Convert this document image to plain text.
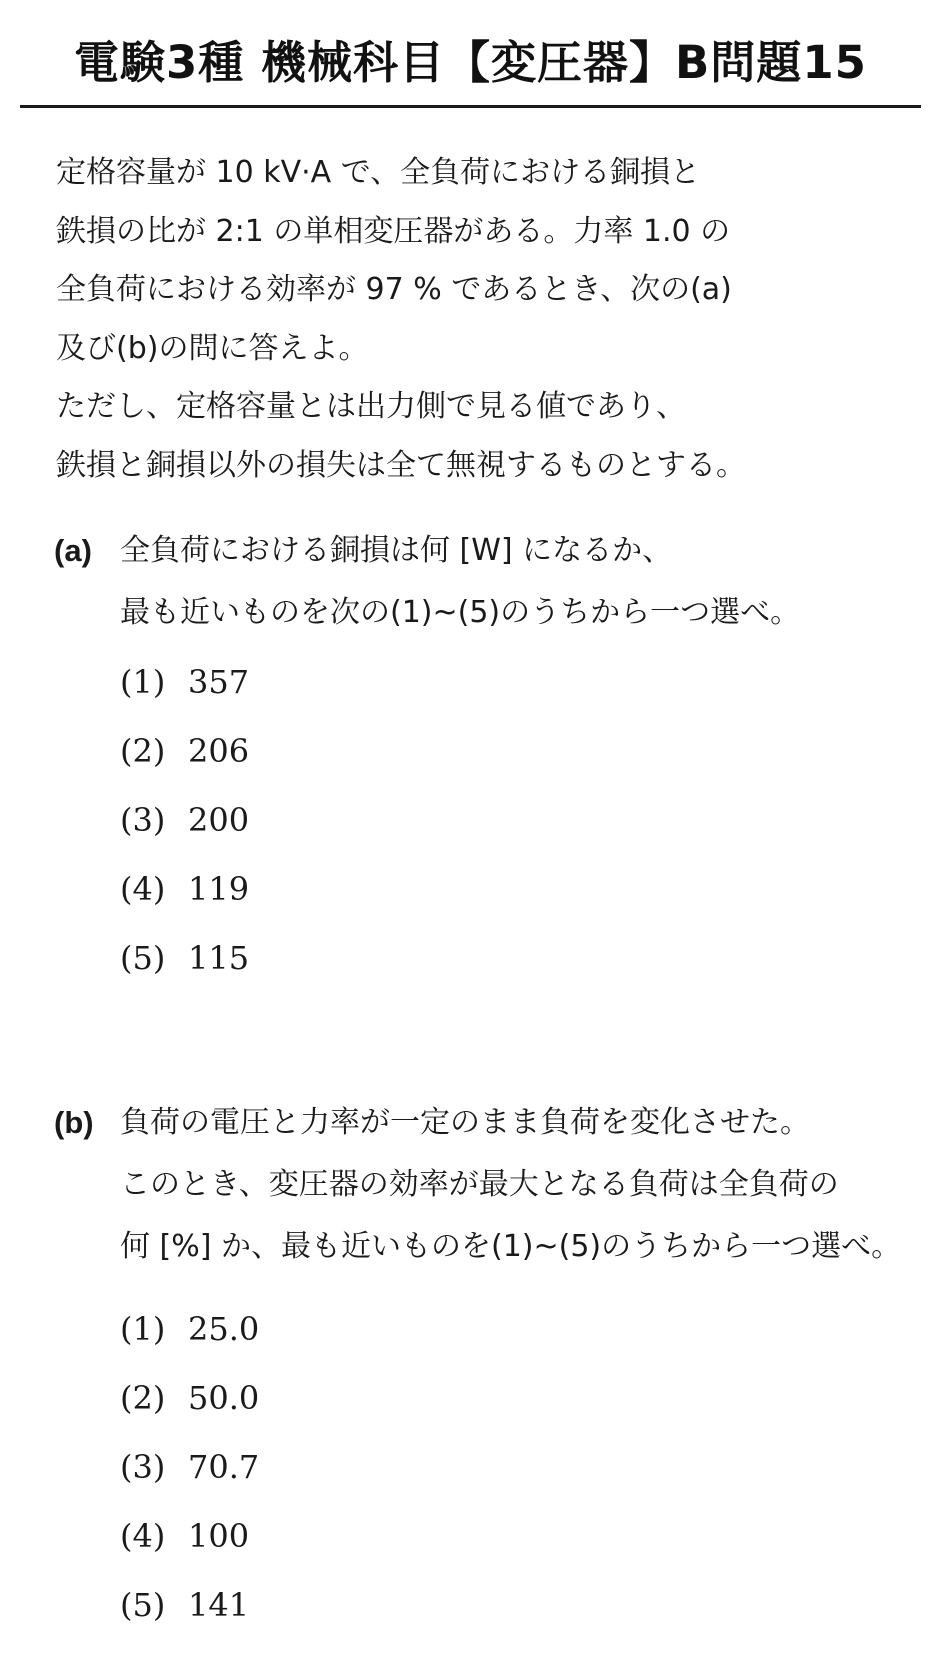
電験3種 機械科目【変圧器】B問題15
定格容量が 10 kV·A で、全負荷における銅損と
鉄損の比が 2:1 の単相変圧器がある。力率 1.0 の
全負荷における効率が 97 % であるとき、次の(a)
及び(b)の問に答えよ。
ただし、定格容量とは出力側で見る値であり、
鉄損と銅損以外の損失は全て無視するものとする。
(a) 全負荷における銅損は何 [W] になるか、
最も近いものを次の(1)~(5)のうちから一つ選べ。
(1) 357
(2) 206
(3) 200
(4) 119
(5) 115
(b) 負荷の電圧と力率が一定のまま負荷を変化させた。
このとき、変圧器の効率が最大となる負荷は全負荷の
何 [%] か、最も近いものを(1)~(5)のうちから一つ選べ。
(1) 25.0
(2) 50.0
(3) 70.7
(4) 100
(5) 141
